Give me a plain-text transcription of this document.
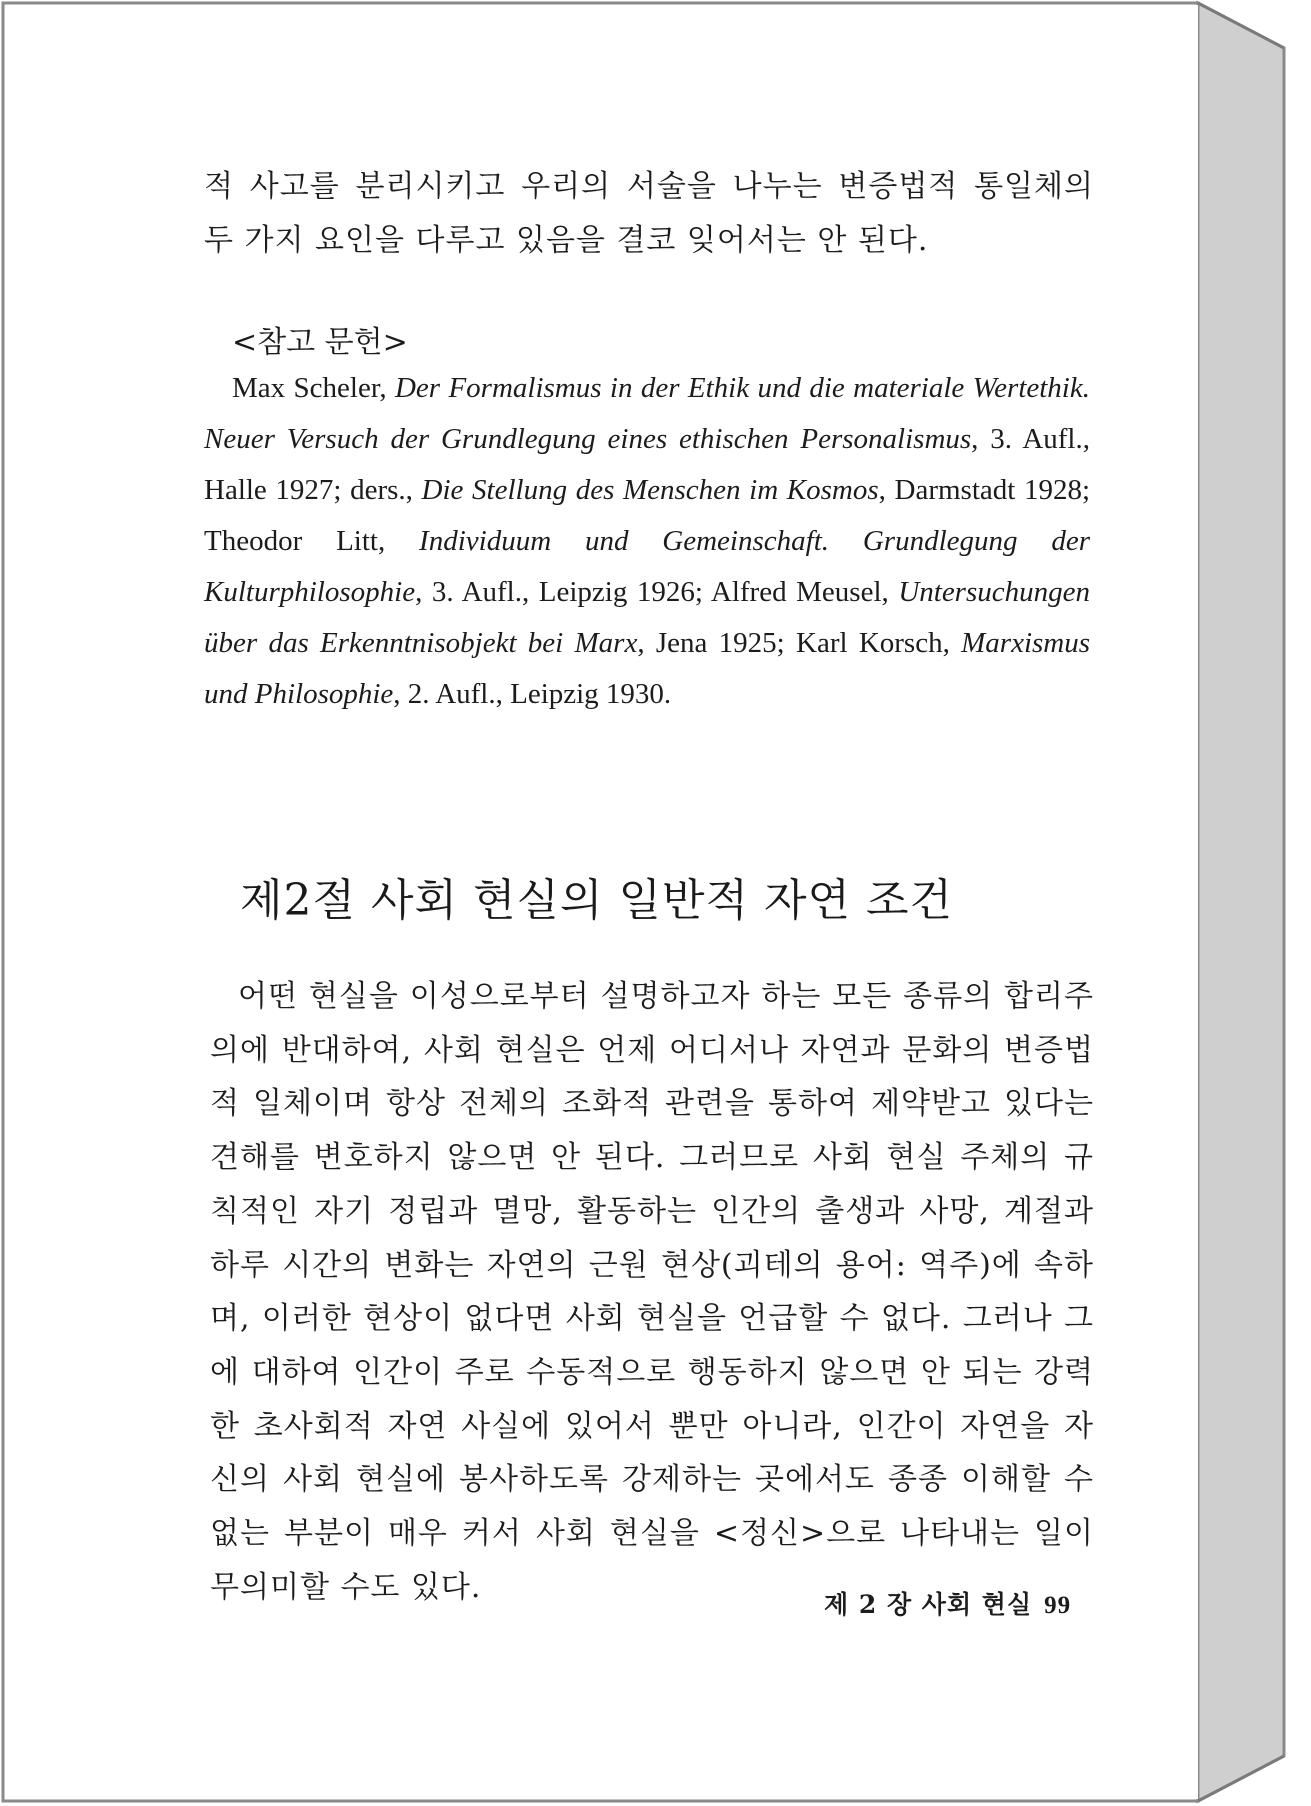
적 사고를 분리시키고 우리의 서술을 나누는 변증법적 통일체의 두 가지 요인을 다루고 있음을 결코 잊어서는 안 된다.

<참고 문헌>

Max Scheler, Der Formalismus in der Ethik und die materiale Wertethik. Neuer Versuch der Grundlegung eines ethischen Personalismus, 3. Aufl., Halle 1927; ders., Die Stellung des Menschen im Kosmos, Darmstadt 1928; Theodor Litt, Individuum und Gemeinschaft. Grundlegung der Kulturphilosophie, 3. Aufl., Leipzig 1926; Alfred Meusel, Untersuchungen über das Erkenntnisobjekt bei Marx, Jena 1925; Karl Korsch, Marxismus und Philosophie, 2. Aufl., Leipzig 1930.

제2절 사회 현실의 일반적 자연 조건

어떤 현실을 이성으로부터 설명하고자 하는 모든 종류의 합리주의에 반대하여, 사회 현실은 언제 어디서나 자연과 문화의 변증법적 일체이며 항상 전체의 조화적 관련을 통하여 제약받고 있다는 견해를 변호하지 않으면 안 된다. 그러므로 사회 현실 주체의 규칙적인 자기 정립과 멸망, 활동하는 인간의 출생과 사망, 계절과 하루 시간의 변화는 자연의 근원 현상(괴테의 용어: 역주)에 속하며, 이러한 현상이 없다면 사회 현실을 언급할 수 없다. 그러나 그에 대하여 인간이 주로 수동적으로 행동하지 않으면 안 되는 강력한 초사회적 자연 사실에 있어서 뿐만 아니라, 인간이 자연을 자신의 사회 현실에 봉사하도록 강제하는 곳에서도 종종 이해할 수 없는 부분이 매우 커서 사회 현실을 <정신>으로 나타내는 일이 무의미할 수도 있다.	제 2 장 사회 현실 99
